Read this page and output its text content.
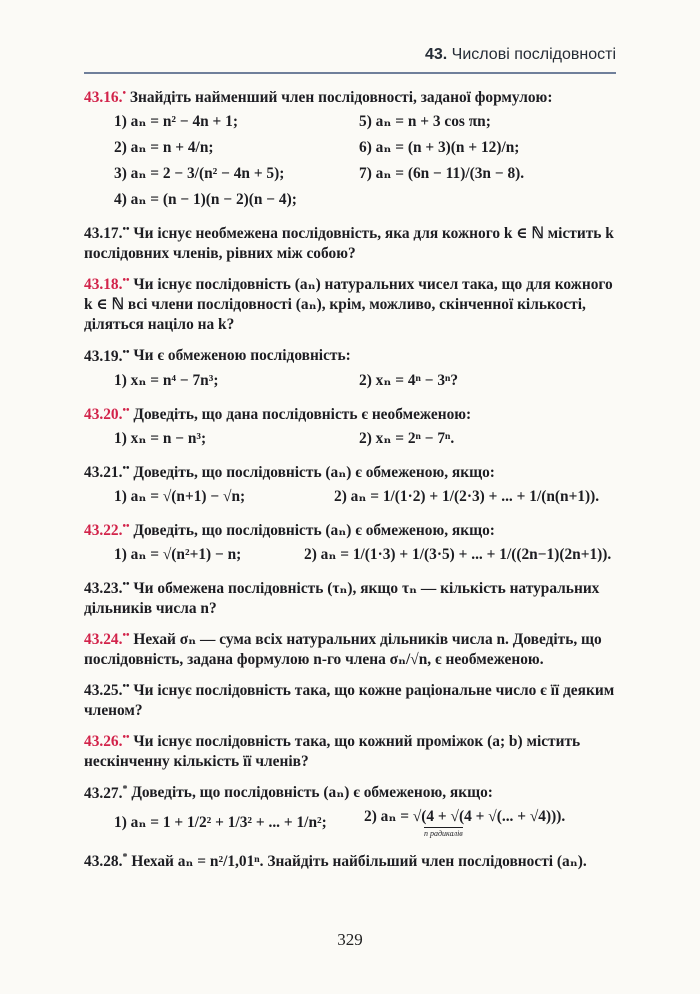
43. Числові послідовності

43.16.• Знайдіть найменший член послідовності, заданої формулою:

1) aₙ = n² − 4n + 1;	5) aₙ = n + 3 cos πn;
2) aₙ = n + 4/n;	6) aₙ = (n + 3)(n + 12)/n;
3) aₙ = 2 − 3/(n² − 4n + 5);	7) aₙ = (6n − 11)/(3n − 8).
4) aₙ = (n − 1)(n − 2)(n − 4);

43.17.•• Чи існує необмежена послідовність, яка для кожного k ∈ ℕ містить k послідовних членів, рівних між собою?

43.18.•• Чи існує послідовність (aₙ) натуральних чисел така, що для кожного k ∈ ℕ всі члени послідовності (aₙ), крім, можливо, скінченної кількості, діляться націло на k?

43.19.•• Чи є обмеженою послідовність:

1) xₙ = n⁴ − 7n³;	2) xₙ = 4ⁿ − 3ⁿ?

43.20.•• Доведіть, що дана послідовність є необмеженою:

1) xₙ = n − n³;	2) xₙ = 2ⁿ − 7ⁿ.

43.21.•• Доведіть, що послідовність (aₙ) є обмеженою, якщо:

1) aₙ = √(n+1) − √n;	2) aₙ = 1/(1·2) + 1/(2·3) + ... + 1/(n(n+1)).

43.22.•• Доведіть, що послідовність (aₙ) є обмеженою, якщо:

1) aₙ = √(n²+1) − n;	2) aₙ = 1/(1·3) + 1/(3·5) + ... + 1/((2n−1)(2n+1)).

43.23.•• Чи обмежена послідовність (τₙ), якщо τₙ — кількість натуральних дільників числа n?

43.24.•• Нехай σₙ — сума всіх натуральних дільників числа n. Доведіть, що послідовність, задана формулою n-го члена σₙ/√n, є необмеженою.

43.25.•• Чи існує послідовність така, що кожне раціональне число є її деяким членом?

43.26.•• Чи існує послідовність така, що кожний проміжок (a; b) містить нескінченну кількість її членів?

43.27.* Доведіть, що послідовність (aₙ) є обмеженою, якщо:

1) aₙ = 1 + 1/2² + 1/3² + ... + 1/n²;	2) aₙ = √(4 + √(4 + √(... + √4))).
n радикалів

43.28.* Нехай aₙ = n²/1,01ⁿ. Знайдіть найбільший член послідовності (aₙ).

329
